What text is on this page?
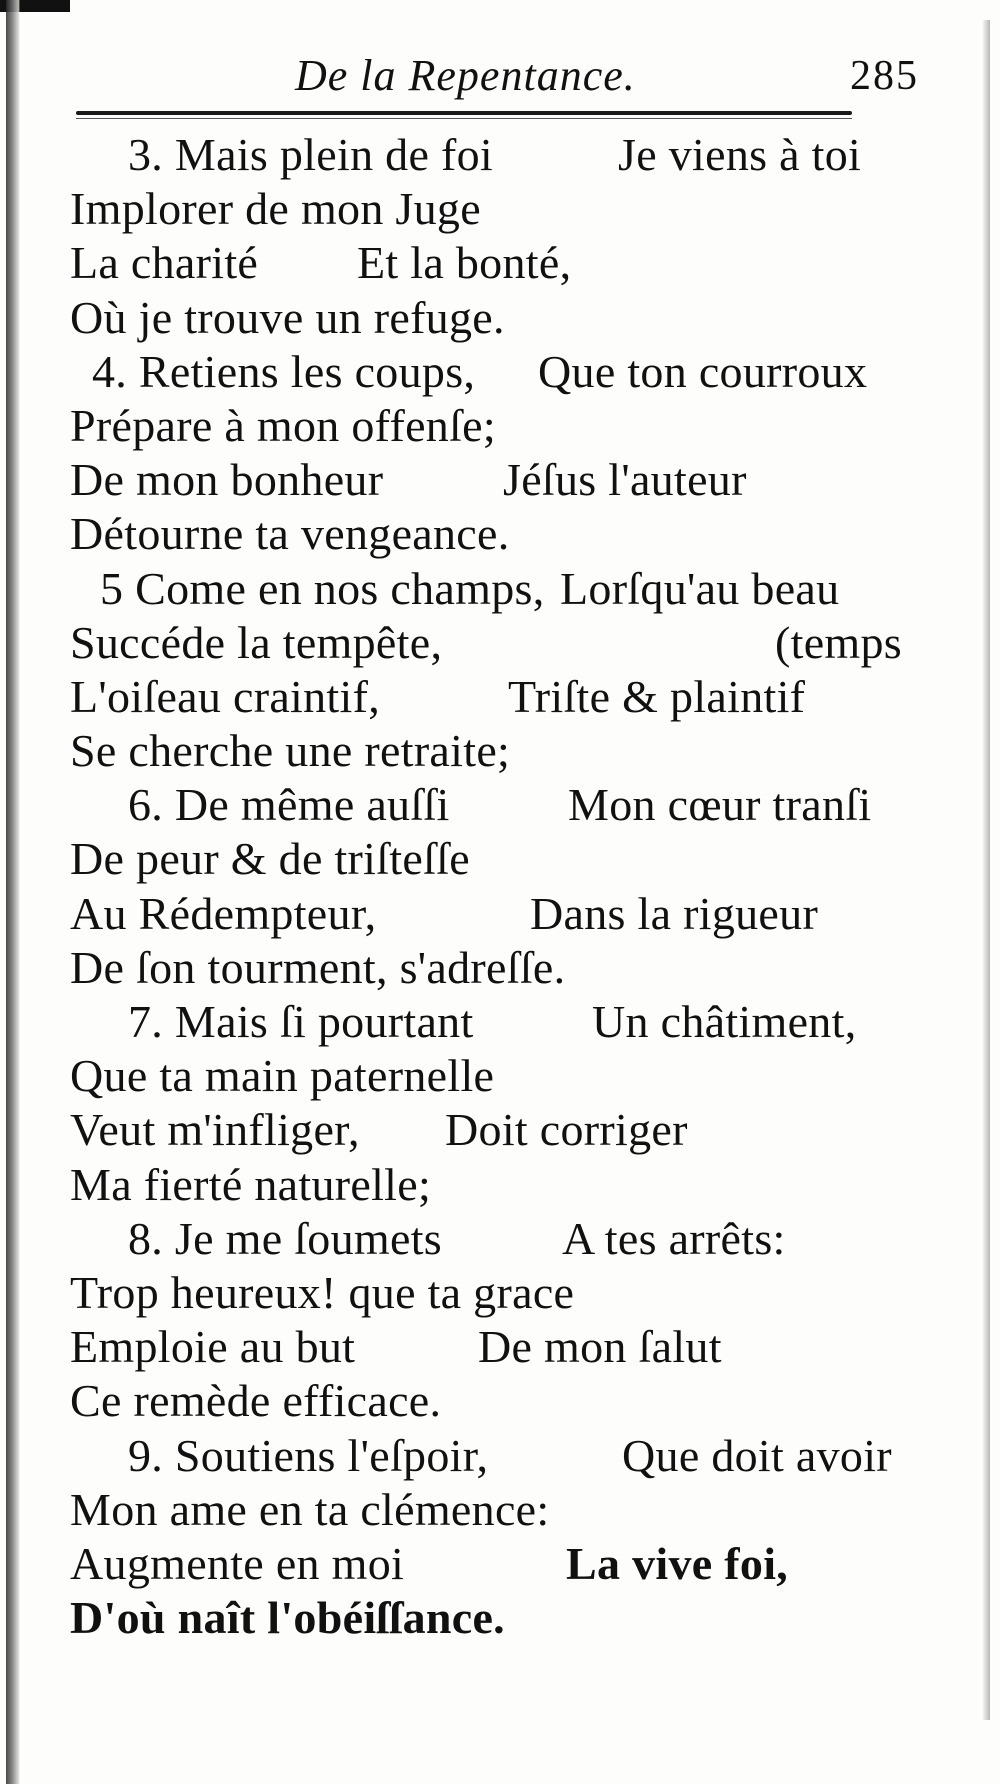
De la Repentance.	285
3. Mais plein de foi	Je viens à toi
Implorer de mon Juge
La charité Et la bonté,
Où je trouve un refuge.
4. Retiens les coups, Que ton courroux
Prépare à mon offenſe;
De mon bonheur	Jéſus l'auteur
Détourne ta vengeance.
5 Come en nos champs, Lorſqu'au beau
Succéde la tempête,	(temps
L'oiſeau craintif,	Triſte & plaintif
Se cherche une retraite;
6. De même auſſi	Mon cœur tranſi
De peur & de triſteſſe
Au Rédempteur,	Dans la rigueur
De ſon tourment, s'adreſſe.
7. Mais ſi pourtant	Un châtiment,
Que ta main paternelle
Veut m'infliger, Doit corriger
Ma fierté naturelle;
8. Je me ſoumets	A tes arrêts:
Trop heureux! que ta grace
Emploie au but	De mon ſalut
Ce remède efficace.
9. Soutiens l'eſpoir,	Que doit avoir
Mon ame en ta clémence:
Augmente en moi	La vive foi,
D'où naît l'obéiſſance.
